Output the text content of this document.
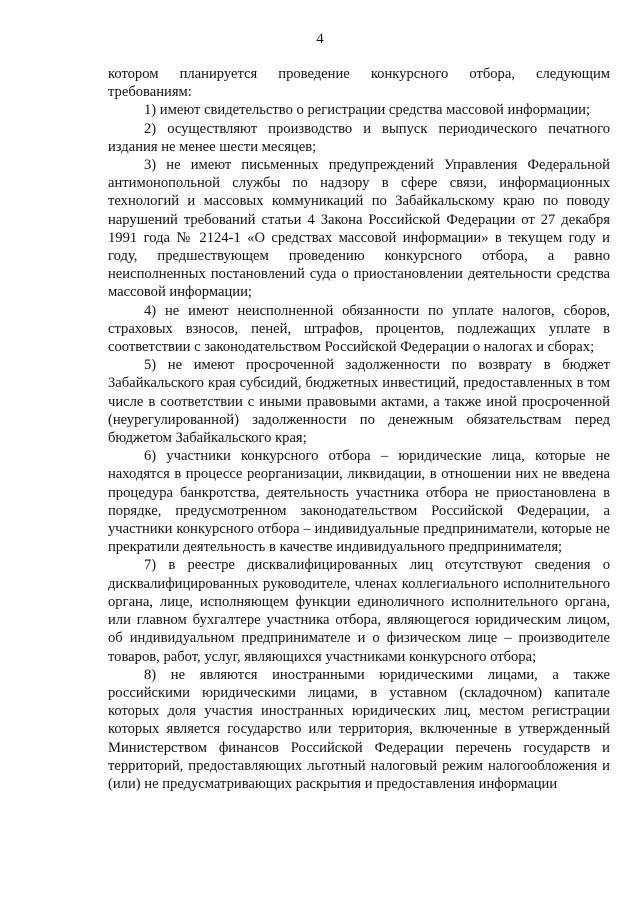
4

котором планируется проведение конкурсного отбора, следующим требованиям:

1) имеют свидетельство о регистрации средства массовой информации;

2) осуществляют производство и выпуск периодического печатного издания не менее шести месяцев;

3) не имеют письменных предупреждений Управления Федеральной антимонопольной службы по надзору в сфере связи, информационных технологий и массовых коммуникаций по Забайкальскому краю по поводу нарушений требований статьи 4 Закона Российской Федерации от 27 декабря 1991 года № 2124-1 «О средствах массовой информации» в текущем году и году, предшествующем проведению конкурсного отбора, а равно неисполненных постановлений суда о приостановлении деятельности средства массовой информации;

4) не имеют неисполненной обязанности по уплате налогов, сборов, страховых взносов, пеней, штрафов, процентов, подлежащих уплате в соответствии с законодательством Российской Федерации о налогах и сборах;

5) не имеют просроченной задолженности по возврату в бюджет Забайкальского края субсидий, бюджетных инвестиций, предоставленных в том числе в соответствии с иными правовыми актами, а также иной просроченной (неурегулированной) задолженности по денежным обязательствам перед бюджетом Забайкальского края;

6) участники конкурсного отбора – юридические лица, которые не находятся в процессе реорганизации, ликвидации, в отношении них не введена процедура банкротства, деятельность участника отбора не приостановлена в порядке, предусмотренном законодательством Российской Федерации, а участники конкурсного отбора – индивидуальные предприниматели, которые не прекратили деятельность в качестве индивидуального предпринимателя;

7) в реестре дисквалифицированных лиц отсутствуют сведения о дисквалифицированных руководителе, членах коллегиального исполнительного органа, лице, исполняющем функции единоличного исполнительного органа, или главном бухгалтере участника отбора, являющегося юридическим лицом, об индивидуальном предпринимателе и о физическом лице – производителе товаров, работ, услуг, являющихся участниками конкурсного отбора;

8) не являются иностранными юридическими лицами, а также российскими юридическими лицами, в уставном (складочном) капитале которых доля участия иностранных юридических лиц, местом регистрации которых является государство или территория, включенные в утвержденный Министерством финансов Российской Федерации перечень государств и территорий, предоставляющих льготный налоговый режим налогообложения и (или) не предусматривающих раскрытия и предоставления информации
